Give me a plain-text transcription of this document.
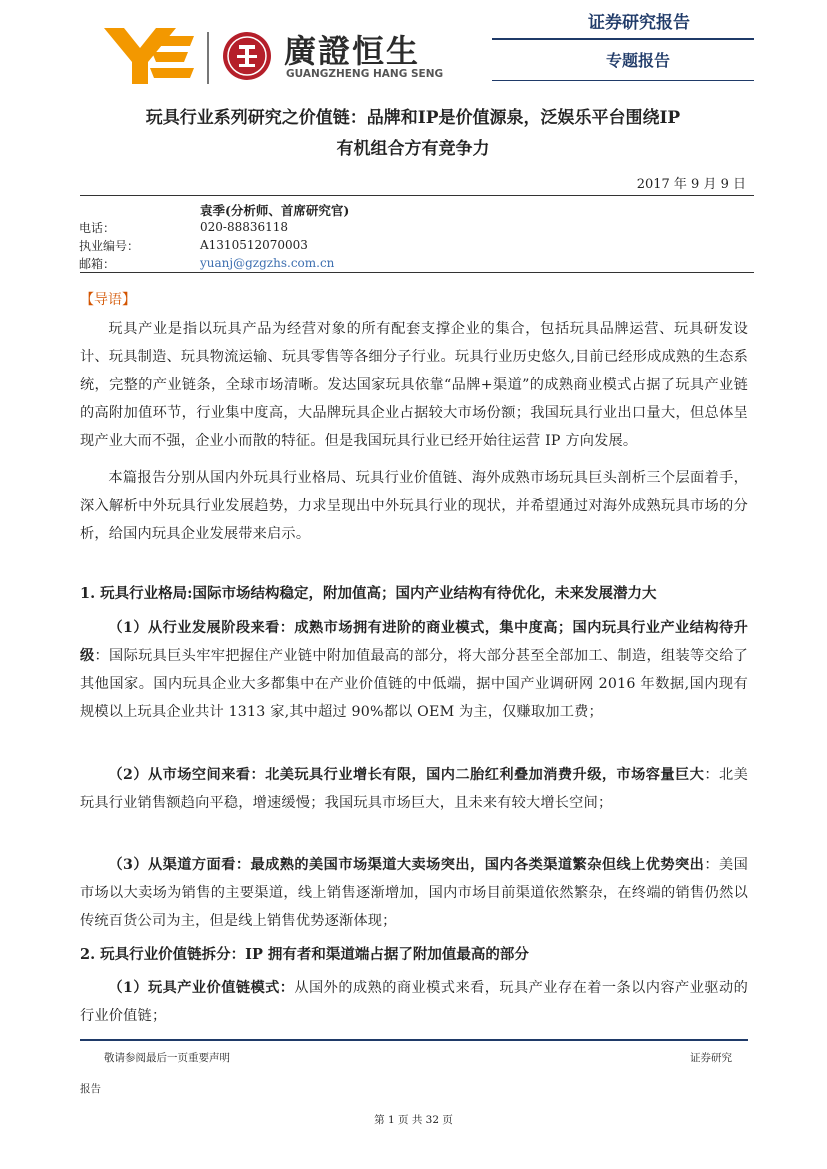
廣證恒生
GUANGZHENG HANG SENG
证券研究报告
专题报告
玩具行业系列研究之价值链：品牌和IP是价值源泉，泛娱乐平台围绕IP
有机组合方有竞争力
2017 年 9 月 9 日
袁季(分析师、首席研究官)
电话：	020-88836118
执业编号：	A1310512070003
邮箱：	yuanj@gzgzhs.com.cn
【导语】

玩具产业是指以玩具产品为经营对象的所有配套支撑企业的集合，包括玩具品牌运营、玩具研发设计、玩具制造、玩具物流运输、玩具零售等各细分子行业。玩具行业历史悠久,目前已经形成成熟的生态系统，完整的产业链条，全球市场清晰。发达国家玩具依靠“品牌+渠道”的成熟商业模式占据了玩具产业链的高附加值环节，行业集中度高，大品牌玩具企业占据较大市场份额；我国玩具行业出口量大，但总体呈现产业大而不强，企业小而散的特征。但是我国玩具行业已经开始往运营 IP 方向发展。

本篇报告分别从国内外玩具行业格局、玩具行业价值链、海外成熟市场玩具巨头剖析三个层面着手，深入解析中外玩具行业发展趋势，力求呈现出中外玩具行业的现状，并希望通过对海外成熟玩具市场的分析，给国内玩具企业发展带来启示。

1. 玩具行业格局:国际市场结构稳定，附加值高；国内产业结构有待优化，未来发展潜力大

（1）从行业发展阶段来看：成熟市场拥有进阶的商业模式，集中度高；国内玩具行业产业结构待升级：国际玩具巨头牢牢把握住产业链中附加值最高的部分，将大部分甚至全部加工、制造，组装等交给了其他国家。国内玩具企业大多都集中在产业价值链的中低端，据中国产业调研网 2016 年数据,国内现有规模以上玩具企业共计 1313 家,其中超过 90%都以 OEM 为主，仅赚取加工费；

（2）从市场空间来看：北美玩具行业增长有限，国内二胎红利叠加消费升级，市场容量巨大：北美玩具行业销售额趋向平稳，增速缓慢；我国玩具市场巨大，且未来有较大增长空间；

（3）从渠道方面看：最成熟的美国市场渠道大卖场突出，国内各类渠道繁杂但线上优势突出：美国市场以大卖场为销售的主要渠道，线上销售逐渐增加，国内市场目前渠道依然繁杂，在终端的销售仍然以传统百货公司为主，但是线上销售优势逐渐体现；

2. 玩具行业价值链拆分：IP 拥有者和渠道端占据了附加值最高的部分

（1）玩具产业价值链模式：从国外的成熟的商业模式来看，玩具产业存在着一条以内容产业驱动的行业价值链；

敬请参阅最后一页重要声明	证券研究
报告
第 1 页 共 32 页
